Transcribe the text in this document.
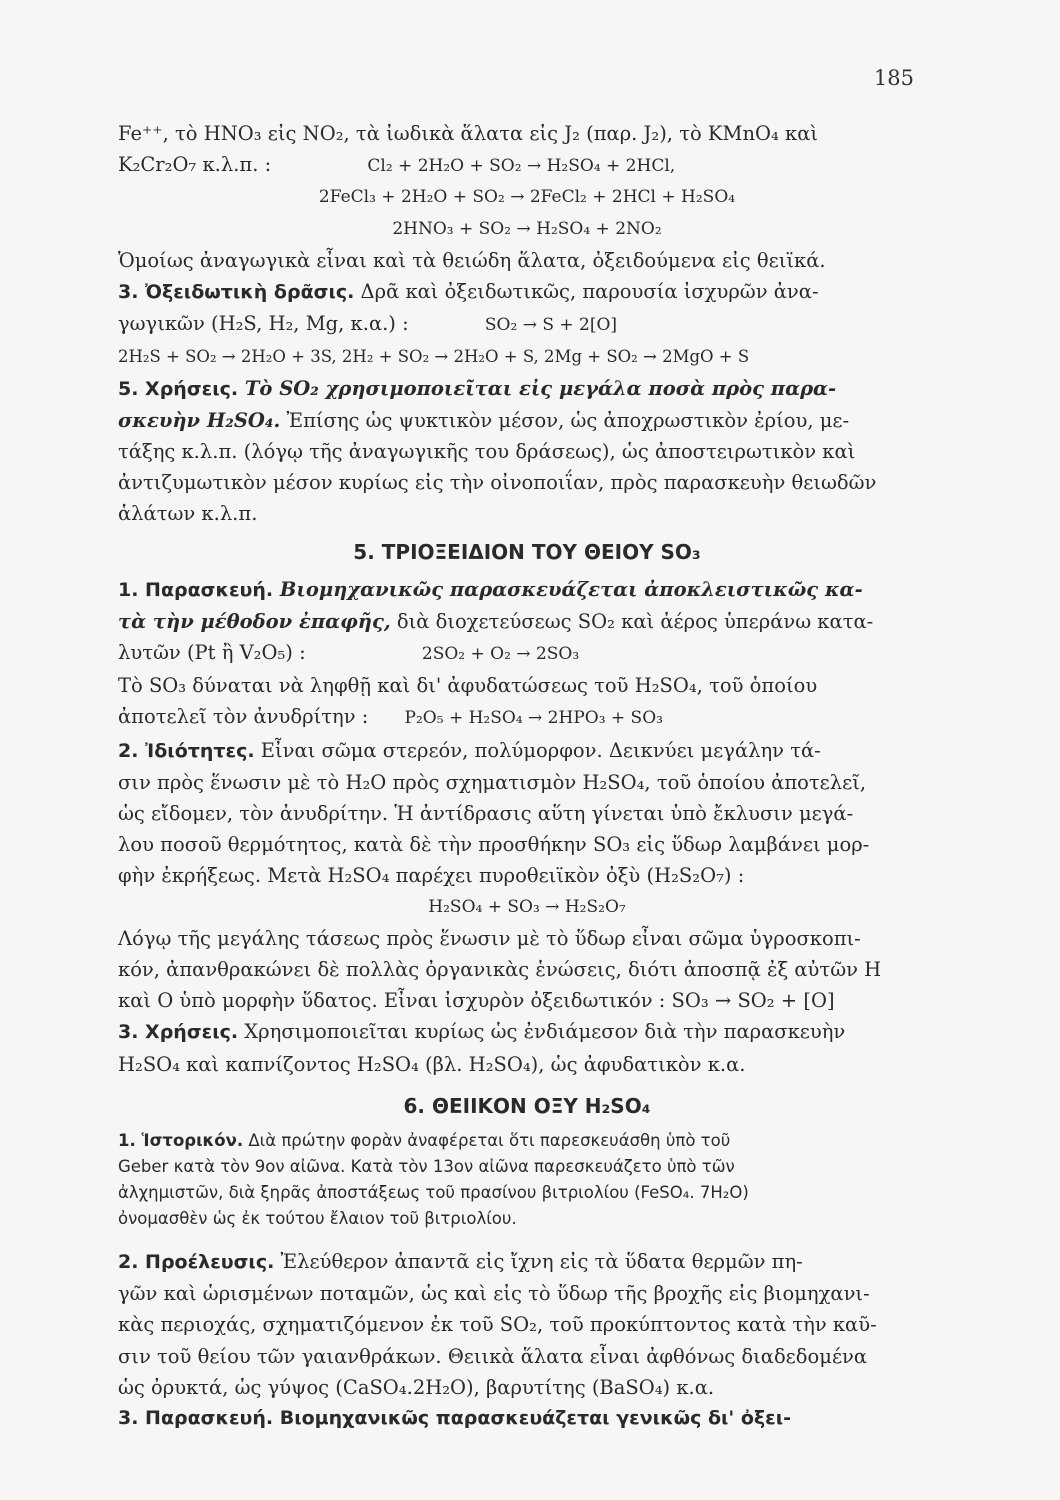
185
Fe⁺⁺, τὸ HNO₃ εἰς NO₂, τὰ ἰωδικὰ ἅλατα εἰς J₂ (παρ. J₂), τὸ KMnO₄ καὶ
K₂Cr₂O₇ κ.λ.π. :	Cl₂ + 2H₂O + SO₂ → H₂SO₄ + 2HCl,
2FeCl₃ + 2H₂O + SO₂ → 2FeCl₂ + 2HCl + H₂SO₄
2HNO₃ + SO₂ → H₂SO₄ + 2NO₂
Ὁμοίως ἀναγωγικὰ εἶναι καὶ τὰ θειώδη ἅλατα, ὀξειδούμενα εἰς θειϊκά.
3. Ὀξειδωτικὴ δρᾶσις. Δρᾶ καὶ ὀξειδωτικῶς, παρουσία ἰσχυρῶν ἀνα-
γωγικῶν (H₂S, H₂, Mg, κ.α.) :	SO₂ → S + 2[O]
2H₂S + SO₂ → 2H₂O + 3S, 2H₂ + SO₂ → 2H₂O + S, 2Mg + SO₂ → 2MgO + S
5. Χρήσεις. Τὸ SO₂ χρησιμοποιεῖται εἰς μεγάλα ποσὰ πρὸς παρα-
σκευὴν H₂SO₄. Ἐπίσης ὡς ψυκτικὸν μέσον, ὡς ἀποχρωστικὸν ἐρίου, με-
τάξης κ.λ.π. (λόγῳ τῆς ἀναγωγικῆς του δράσεως), ὡς ἀποστειρωτικὸν καὶ
ἀντιζυμωτικὸν μέσον κυρίως εἰς τὴν οἰνοποιΐαν, πρὸς παρασκευὴν θειωδῶν
ἁλάτων κ.λ.π.
5. ΤΡΙΟΞΕΙΔΙΟΝ ΤΟΥ ΘΕΙΟΥ SO₃
1. Παρασκευή. Βιομηχανικῶς παρασκευάζεται ἀποκλειστικῶς κα-
τὰ τὴν μέθοδον ἐπαφῆς, διὰ διοχετεύσεως SO₂ καὶ ἀέρος ὑπεράνω κατα-
λυτῶν (Pt ἢ V₂O₅) :	2SO₂ + O₂ → 2SO₃
Τὸ SO₃ δύναται νὰ ληφθῇ καὶ δι' ἀφυδατώσεως τοῦ H₂SO₄, τοῦ ὁποίου
ἀποτελεῖ τὸν ἀνυδρίτην : P₂O₅ + H₂SO₄ → 2HPO₃ + SO₃
2. Ἰδιότητες. Εἶναι σῶμα στερεόν, πολύμορφον. Δεικνύει μεγάλην τά-
σιν πρὸς ἕνωσιν μὲ τὸ H₂O πρὸς σχηματισμὸν H₂SO₄, τοῦ ὁποίου ἀποτελεῖ,
ὡς εἴδομεν, τὸν ἀνυδρίτην. Ἡ ἀντίδρασις αὕτη γίνεται ὑπὸ ἔκλυσιν μεγά-
λου ποσοῦ θερμότητος, κατὰ δὲ τὴν προσθήκην SO₃ εἰς ὕδωρ λαμβάνει μορ-
φὴν ἐκρήξεως. Μετὰ H₂SO₄ παρέχει πυροθειϊκὸν ὀξὺ (H₂S₂O₇) :
H₂SO₄ + SO₃ → H₂S₂O₇
Λόγῳ τῆς μεγάλης τάσεως πρὸς ἕνωσιν μὲ τὸ ὕδωρ εἶναι σῶμα ὑγροσκοπι-
κόν, ἀπανθρακώνει δὲ πολλὰς ὀργανικὰς ἑνώσεις, διότι ἀποσπᾷ ἐξ αὐτῶν H
καὶ O ὑπὸ μορφὴν ὕδατος. Εἶναι ἰσχυρὸν ὀξειδωτικόν : SO₃ → SO₂ + [O]
3. Χρήσεις. Χρησιμοποιεῖται κυρίως ὡς ἐνδιάμεσον διὰ τὴν παρασκευὴν
H₂SO₄ καὶ καπνίζοντος H₂SO₄ (βλ. H₂SO₄), ὡς ἀφυδατικὸν κ.α.
6. ΘΕΙΙΚΟΝ ΟΞΥ H₂SO₄
1. Ἱστορικόν. Διὰ πρώτην φορὰν ἀναφέρεται ὅτι παρεσκευάσθη ὑπὸ τοῦ
Geber κατὰ τὸν 9ον αἰῶνα. Κατὰ τὸν 13ον αἰῶνα παρεσκευάζετο ὑπὸ τῶν
ἀλχημιστῶν, διὰ ξηρᾶς ἀποστάξεως τοῦ πρασίνου βιτριολίου (FeSO₄. 7H₂O)
ὀνομασθὲν ὡς ἐκ τούτου ἔλαιον τοῦ βιτριολίου.
2. Προέλευσις. Ἐλεύθερον ἀπαντᾶ εἰς ἴχνη εἰς τὰ ὕδατα θερμῶν πη-
γῶν καὶ ὡρισμένων ποταμῶν, ὡς καὶ εἰς τὸ ὕδωρ τῆς βροχῆς εἰς βιομηχανι-
κὰς περιοχάς, σχηματιζόμενον ἐκ τοῦ SO₂, τοῦ προκύπτοντος κατὰ τὴν καῦ-
σιν τοῦ θείου τῶν γαιανθράκων. Θειικὰ ἅλατα εἶναι ἀφθόνως διαδεδομένα
ὡς ὀρυκτά, ὡς γύψος (CaSO₄.2H₂O), βαρυτίτης (BaSO₄) κ.α.
3. Παρασκευή. Βιομηχανικῶς παρασκευάζεται γενικῶς δι' ὀξει-
